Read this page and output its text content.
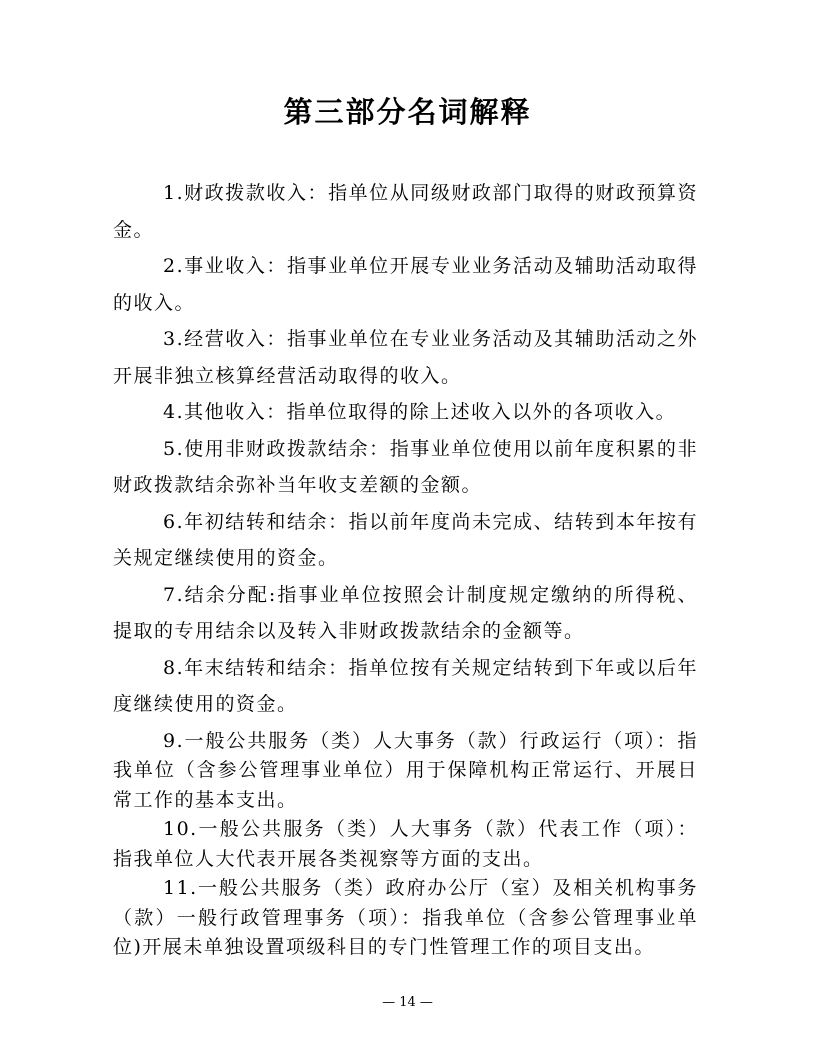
第三部分名词解释

1.财政拨款收入：指单位从同级财政部门取得的财政预算资金。

2.事业收入：指事业单位开展专业业务活动及辅助活动取得的收入。

3.经营收入：指事业单位在专业业务活动及其辅助活动之外开展非独立核算经营活动取得的收入。

4.其他收入：指单位取得的除上述收入以外的各项收入。

5.使用非财政拨款结余：指事业单位使用以前年度积累的非财政拨款结余弥补当年收支差额的金额。

6.年初结转和结余：指以前年度尚未完成、结转到本年按有关规定继续使用的资金。

7.结余分配:指事业单位按照会计制度规定缴纳的所得税、提取的专用结余以及转入非财政拨款结余的金额等。

8.年末结转和结余：指单位按有关规定结转到下年或以后年度继续使用的资金。

9.一般公共服务（类）人大事务（款）行政运行（项）：指我单位（含参公管理事业单位）用于保障机构正常运行、开展日常工作的基本支出。

10.一般公共服务（类）人大事务（款）代表工作（项）：指我单位人大代表开展各类视察等方面的支出。

11.一般公共服务（类）政府办公厅（室）及相关机构事务（款）一般行政管理事务（项）：指我单位（含参公管理事业单位)开展未单独设置项级科目的专门性管理工作的项目支出。

— 14 —
